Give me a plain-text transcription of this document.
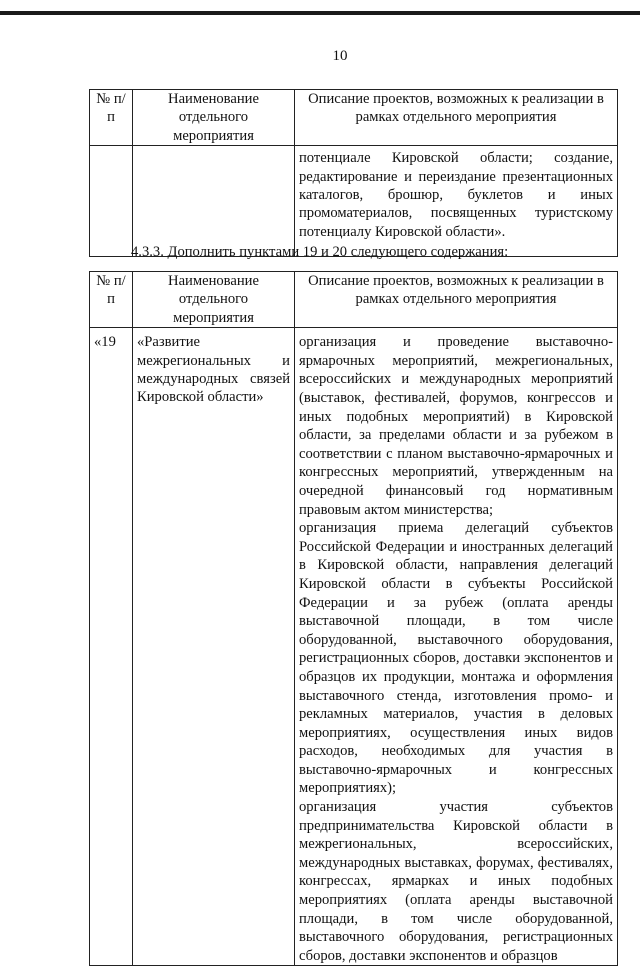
10
№ п/п	Наименование отдельного мероприятия	Описание проектов, возможных к реализации в рамках отдельного мероприятия
		потенциале Кировской области; создание, редактирование и переиздание презентационных каталогов, брошюр, буклетов и иных промоматериалов, посвященных туристскому потенциалу Кировской области».
4.3.3. Дополнить пунктами 19 и 20 следующего содержания:
№ п/п	Наименование отдельного мероприятия	Описание проектов, возможных к реализации в рамках отдельного мероприятия
«19	«Развитие межрегиональных и международных связей Кировской области»	организация и проведение выставочно-ярмарочных мероприятий, межрегиональных, всероссийских и международных мероприятий (выставок, фестивалей, форумов, конгрессов и иных подобных мероприятий) в Кировской области, за пределами области и за рубежом в соответствии с планом выставочно-ярмарочных и конгрессных мероприятий, утвержденным на очередной финансовый год нормативным правовым актом министерства;

организация приема делегаций субъектов Российской Федерации и иностранных делегаций в Кировской области, направления делегаций Кировской области в субъекты Российской Федерации и за рубеж (оплата аренды выставочной площади, в том числе оборудованной, выставочного оборудования, регистрационных сборов, доставки экспонентов и образцов их продукции, монтажа и оформления выставочного стенда, изготовления промо- и рекламных материалов, участия в деловых мероприятиях, осуществления иных видов расходов, необходимых для участия в выставочно-ярмарочных и конгрессных мероприятиях);

организация участия субъектов предпринимательства Кировской области в межрегиональных, всероссийских, международных выставках, форумах, фестивалях, конгрессах, ярмарках и иных подобных мероприятиях (оплата аренды выставочной площади, в том числе оборудованной, выставочного оборудования, регистрационных сборов, доставки экспонентов и образцов
